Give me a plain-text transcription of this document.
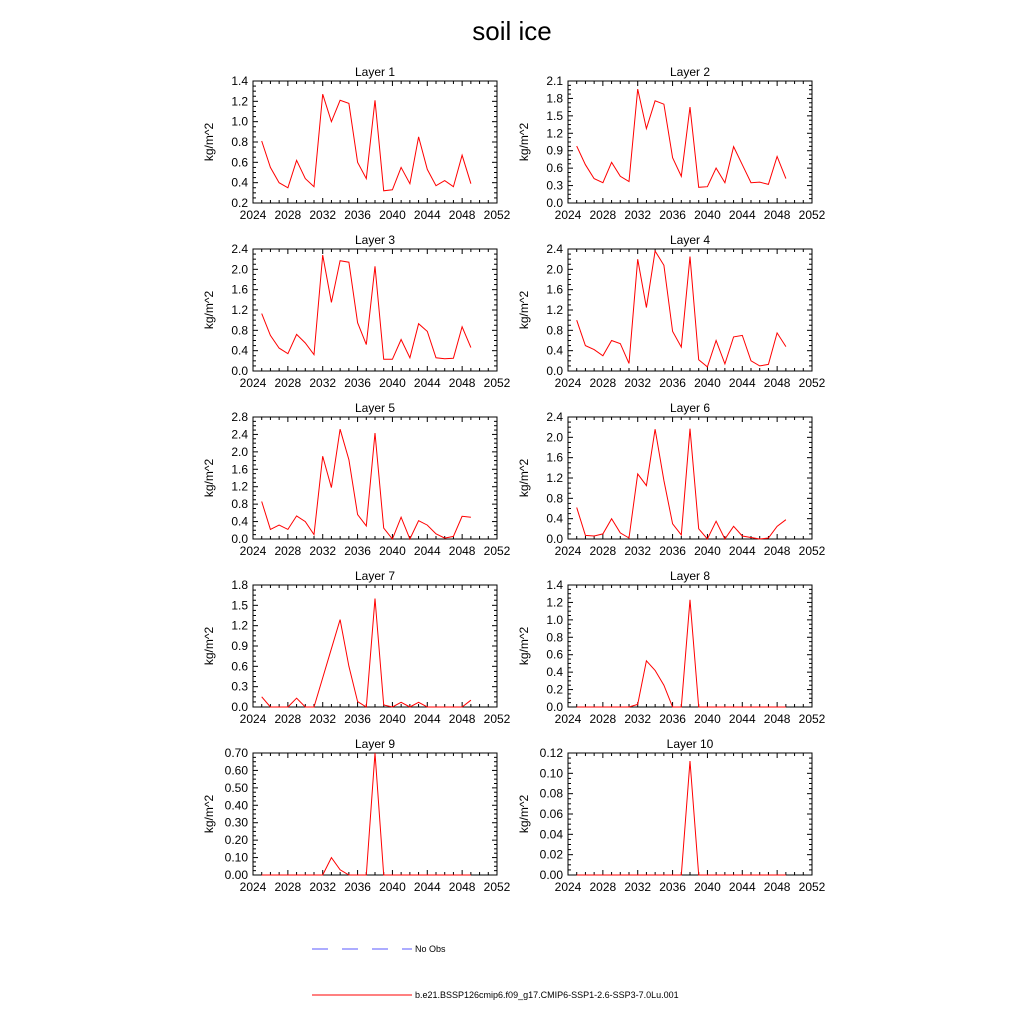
soil ice
Layer 1
kg/m^2
2024 2028 2032 2036 2040 2044 2048 2052
0.2
0.4
0.6
0.8
1.0
1.2
1.4
Layer 2
kg/m^2
2024 2028 2032 2036 2040 2044 2048 2052
0.0
0.3
0.6
0.9
1.2
1.5
1.8
2.1
Layer 3
kg/m^2
2024 2028 2032 2036 2040 2044 2048 2052
0.0
0.4
0.8
1.2
1.6
2.0
2.4
Layer 4
kg/m^2
2024 2028 2032 2036 2040 2044 2048 2052
0.0
0.4
0.8
1.2
1.6
2.0
2.4
Layer 5
kg/m^2
2024 2028 2032 2036 2040 2044 2048 2052
0.0
0.4
0.8
1.2
1.6
2.0
2.4
2.8
Layer 6
kg/m^2
2024 2028 2032 2036 2040 2044 2048 2052
0.0
0.4
0.8
1.2
1.6
2.0
2.4
Layer 7
kg/m^2
2024 2028 2032 2036 2040 2044 2048 2052
0.0
0.3
0.6
0.9
1.2
1.5
1.8
Layer 8
kg/m^2
2024 2028 2032 2036 2040 2044 2048 2052
0.0
0.2
0.4
0.6
0.8
1.0
1.2
1.4
Layer 9
kg/m^2
2024 2028 2032 2036 2040 2044 2048 2052
0.00
0.10
0.20
0.30
0.40
0.50
0.60
0.70
Layer 10
kg/m^2
2024 2028 2032 2036 2040 2044 2048 2052
0.00
0.02
0.04
0.06
0.08
0.10
0.12
No Obs
b.e21.BSSP126cmip6.f09_g17.CMIP6-SSP1-2.6-SSP3-7.0Lu.001
